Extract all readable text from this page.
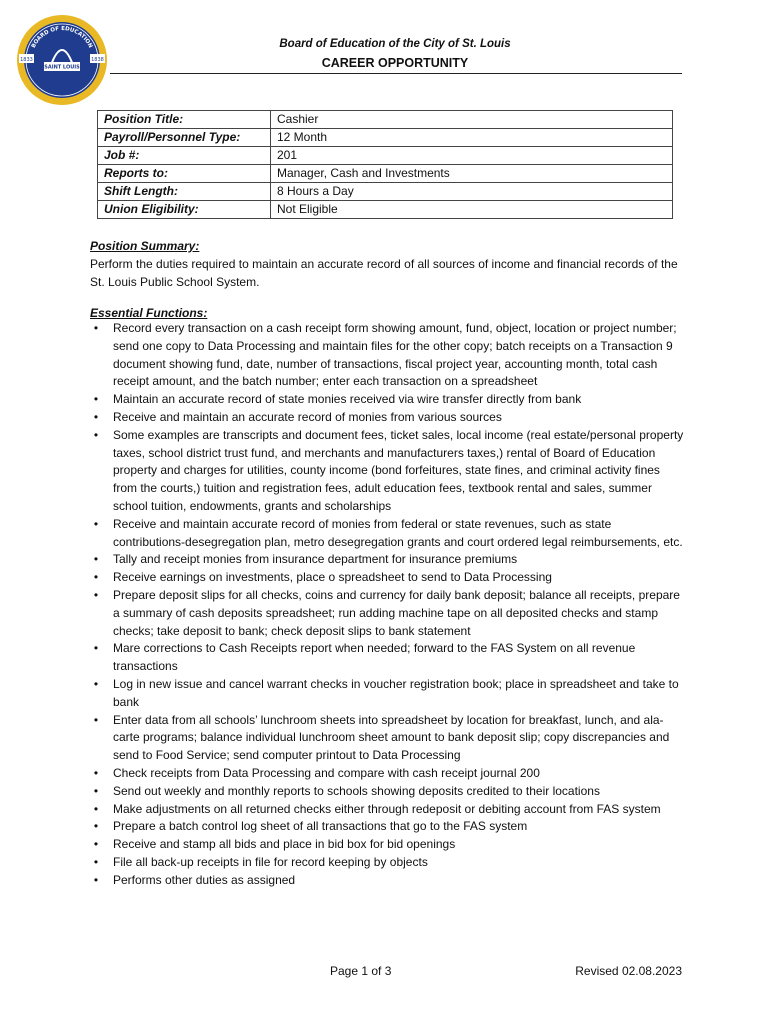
BOARD OF EDUCATION
SAINT LOUIS
1833	1838
Board of Education of the City of St. Louis
CAREER OPPORTUNITY
Position Title:	Cashier
Payroll/Personnel Type:	12 Month
Job #:	201
Reports to:	Manager, Cash and Investments
Shift Length:	8 Hours a Day
Union Eligibility:	Not Eligible
Position Summary:
Perform the duties required to maintain an accurate record of all sources of income and financial records of the St. Louis Public School System.
Essential Functions:
•	Record every transaction on a cash receipt form showing amount, fund, object, location or project number; send one copy to Data Processing and maintain files for the other copy; batch receipts on a Transaction 9 document showing fund, date, number of transactions, fiscal project year, accounting month, total cash receipt amount, and the batch number; enter each transaction on a spreadsheet
•	Maintain an accurate record of state monies received via wire transfer directly from bank
•	Receive and maintain an accurate record of monies from various sources
•	Some examples are transcripts and document fees, ticket sales, local income (real estate/personal property taxes, school district trust fund, and merchants and manufacturers taxes,) rental of Board of Education property and charges for utilities, county income (bond forfeitures, state fines, and criminal activity fines from the courts,) tuition and registration fees, adult education fees, textbook rental and sales, summer school tuition, endowments, grants and scholarships
•	Receive and maintain accurate record of monies from federal or state revenues, such as state contributions-desegregation plan, metro desegregation grants and court ordered legal reimbursements, etc.
•	Tally and receipt monies from insurance department for insurance premiums
•	Receive earnings on investments, place o spreadsheet to send to Data Processing
•	Prepare deposit slips for all checks, coins and currency for daily bank deposit; balance all receipts, prepare a summary of cash deposits spreadsheet; run adding machine tape on all deposited checks and stamp checks; take deposit to bank; check deposit slips to bank statement
•	Mare corrections to Cash Receipts report when needed; forward to the FAS System on all revenue transactions
•	Log in new issue and cancel warrant checks in voucher registration book; place in spreadsheet and take to bank
•	Enter data from all schools’ lunchroom sheets into spreadsheet by location for breakfast, lunch, and ala-carte programs; balance individual lunchroom sheet amount to bank deposit slip; copy discrepancies and send to Food Service; send computer printout to Data Processing
•	Check receipts from Data Processing and compare with cash receipt journal 200
•	Send out weekly and monthly reports to schools showing deposits credited to their locations
•	Make adjustments on all returned checks either through redeposit or debiting account from FAS system
•	Prepare a batch control log sheet of all transactions that go to the FAS system
•	Receive and stamp all bids and place in bid box for bid openings
•	File all back-up receipts in file for record keeping by objects
•	Performs other duties as assigned
Page 1 of 3	Revised 02.08.2023
